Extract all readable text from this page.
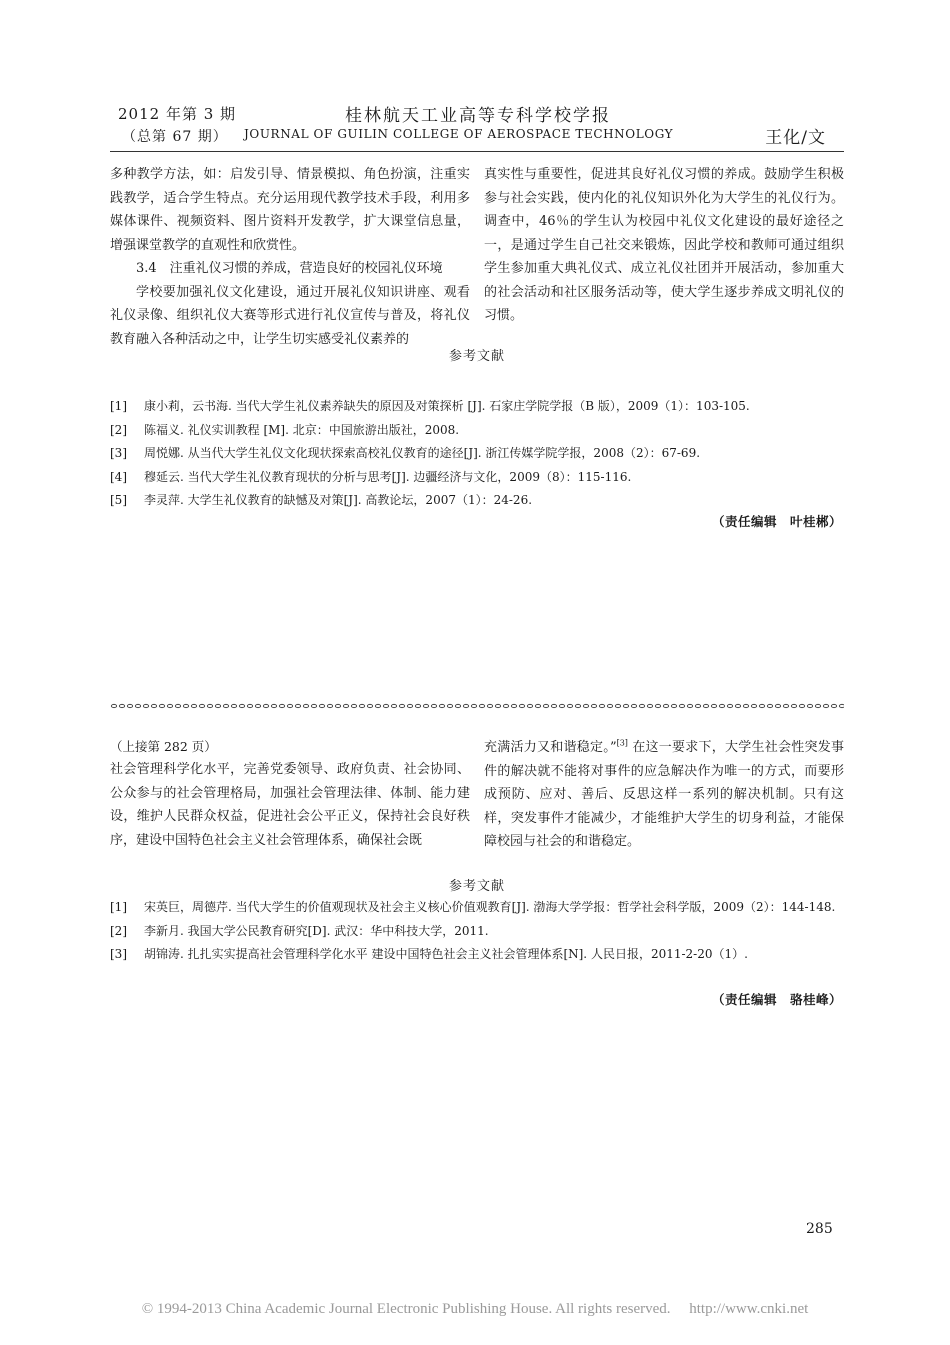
2012 年第 3 期
（总第 67 期）
桂林航天工业高等专科学校学报
JOURNAL OF GUILIN COLLEGE OF AEROSPACE TECHNOLOGY	王化/文

多种教学方法，如：启发引导、情景模拟、角色扮演，注重实践教学，适合学生特点。充分运用现代教学技术手段，利用多媒体课件、视频资料、图片资料开发教学，扩大课堂信息量，增强课堂教学的直观性和欣赏性。

3.4　注重礼仪习惯的养成，营造良好的校园礼仪环境

学校要加强礼仪文化建设，通过开展礼仪知识讲座、观看礼仪录像、组织礼仪大赛等形式进行礼仪宣传与普及，将礼仪教育融入各种活动之中，让学生切实感受礼仪素养的

真实性与重要性，促进其良好礼仪习惯的养成。鼓励学生积极参与社会实践，使内化的礼仪知识外化为大学生的礼仪行为。调查中，46％的学生认为校园中礼仪文化建设的最好途径之一，是通过学生自己社交来锻炼，因此学校和教师可通过组织学生参加重大典礼仪式、成立礼仪社团并开展活动，参加重大的社会活动和社区服务活动等，使大学生逐步养成文明礼仪的习惯。

参考文献
[1] 康小莉，云书海. 当代大学生礼仪素养缺失的原因及对策探析 [J]. 石家庄学院学报（B 版），2009（1）：103-105.
[2] 陈福义. 礼仪实训教程 [M]. 北京：中国旅游出版社，2008.
[3] 周悦娜. 从当代大学生礼仪文化现状探索高校礼仪教育的途径[J]. 浙江传媒学院学报，2008（2）：67-69.
[4] 穆延云. 当代大学生礼仪教育现状的分析与思考[J]. 边疆经济与文化，2009（8）：115-116.
[5] 李灵萍. 大学生礼仪教育的缺憾及对策[J]. 高教论坛，2007（1）：24-26.
（责任编辑　叶桂郴）
（上接第 282 页）

社会管理科学化水平，完善党委领导、政府负责、社会协同、公众参与的社会管理格局，加强社会管理法律、体制、能力建设，维护人民群众权益，促进社会公平正义，保持社会良好秩序，建设中国特色社会主义社会管理体系，确保社会既

充满活力又和谐稳定。”[3] 在这一要求下，大学生社会性突发事件的解决就不能将对事件的应急解决作为唯一的方式，而要形成预防、应对、善后、反思这样一系列的解决机制。只有这样，突发事件才能减少，才能维护大学生的切身利益，才能保障校园与社会的和谐稳定。

参考文献
[1] 宋英巨，周德芹. 当代大学生的价值观现状及社会主义核心价值观教育[J]. 渤海大学学报：哲学社会科学版，2009（2）：144-148.
[2] 李新月. 我国大学公民教育研究[D]. 武汉：华中科技大学，2011.
[3] 胡锦涛. 扎扎实实提高社会管理科学化水平 建设中国特色社会主义社会管理体系[N]. 人民日报，2011-2-20（1）.
（责任编辑　骆桂峰）
285
© 1994-2013 China Academic Journal Electronic Publishing House. All rights reserved.　 http://www.cnki.net
